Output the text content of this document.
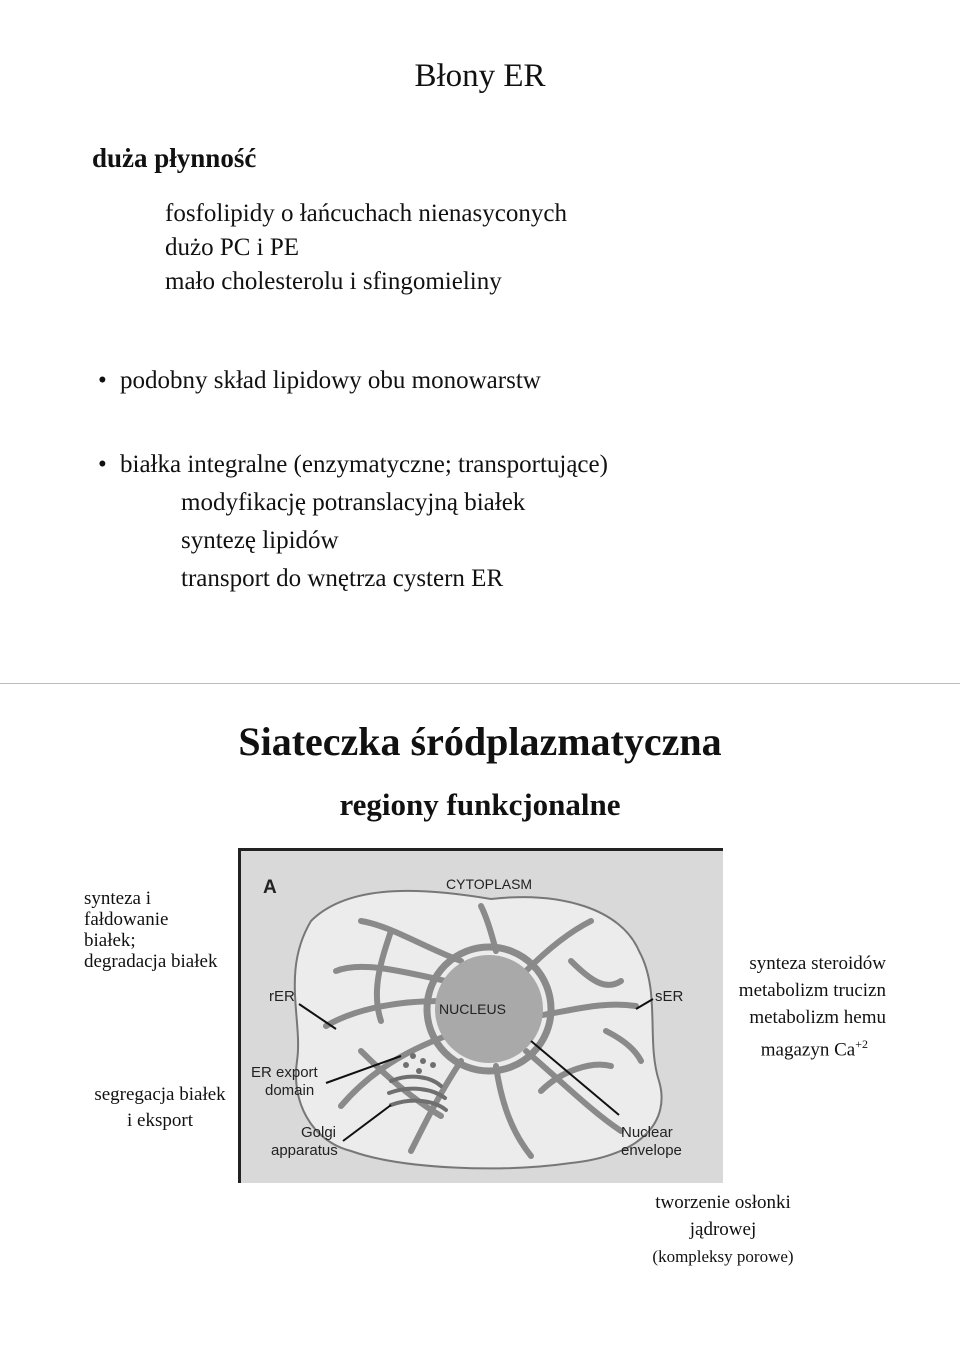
Błony ER
duża płynność
fosfolipidy o łańcuchach nienasyconych
dużo PC i PE
mało cholesterolu i sfingomieliny
• podobny skład lipidowy obu monowarstw
• białka integralne (enzymatyczne; transportujące)
modyfikację potranslacyjną białek
syntezę lipidów
transport do wnętrza cystern ER
Siateczka śródplazmatyczna
regiony funkcjonalne
synteza i
fałdowanie
białek;
degradacja białek
segregacja białek
i eksport
A	CYTOPLASM
NUCLEUS
rER	sER
ER export
domain
Golgi
apparatus
Nuclear
envelope
synteza steroidów
metabolizm trucizn
metabolizm hemu
magazyn $Ca^{+2}$
tworzenie osłonki
jądrowej
(kompleksy porowe)
